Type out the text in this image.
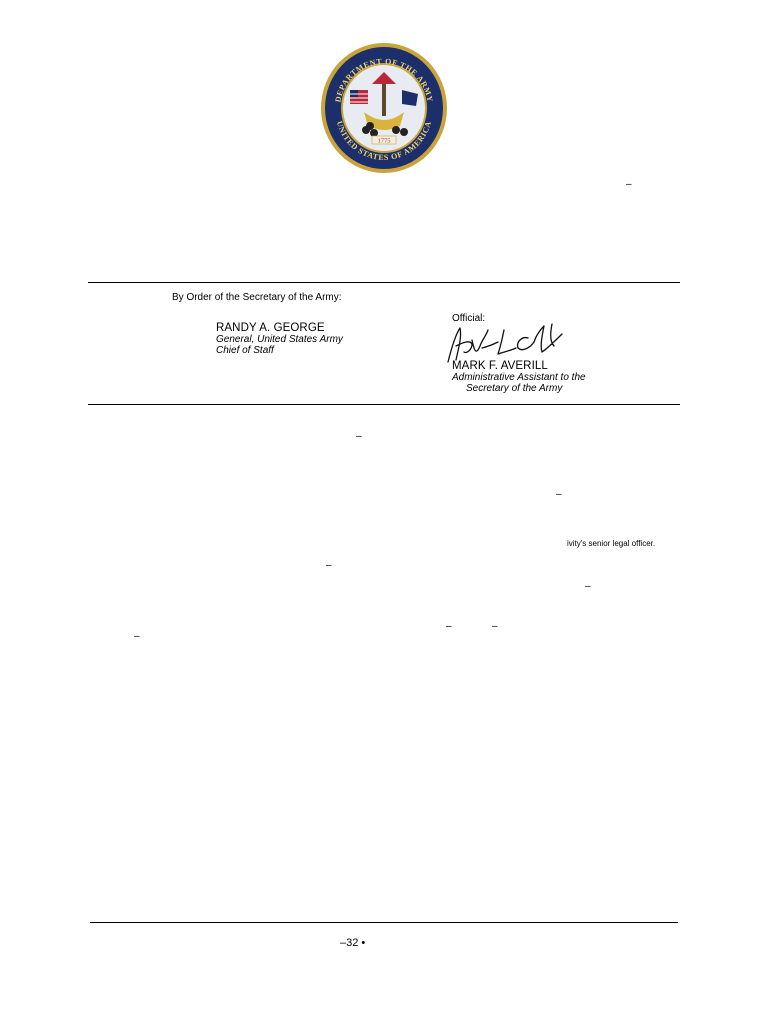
DEPARTMENT OF THE ARMY
UNITED STATES OF AMERICA
1775
–
By Order of the Secretary of the Army:
RANDY A. GEORGE
General, United States Army
Chief of Staff
Official:
MARK F. AVERILL
Administrative Assistant to the
Secretary of the Army
–
–
ivity's senior legal officer.
–
–
–	–
–
–32 •
